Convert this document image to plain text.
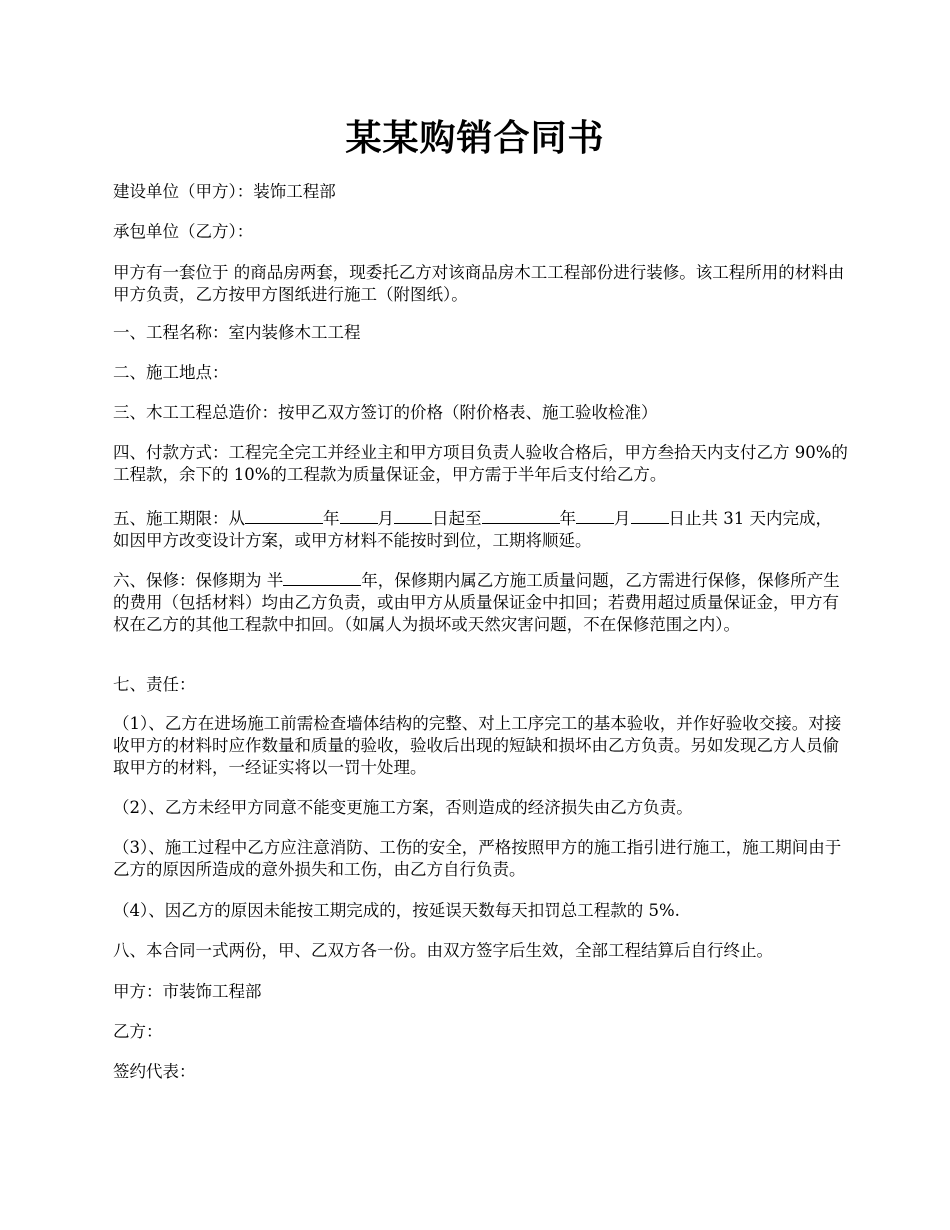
某某购销合同书

建设单位（甲方）：装饰工程部

承包单位（乙方）：

甲方有一套位于 的商品房两套，现委托乙方对该商品房木工工程部份进行装修。该工程所用的材料由甲方负责，乙方按甲方图纸进行施工（附图纸）。

一、工程名称：室内装修木工工程

二、施工地点：

三、木工工程总造价：按甲乙双方签订的价格（附价格表、施工验收检准）

四、付款方式：工程完全完工并经业主和甲方项目负责人验收合格后，甲方叁拾天内支付乙方 90%的工程款，余下的 10%的工程款为质量保证金，甲方需于半年后支付给乙方。

五、施工期限：从	年 月 日起至	年 月 日止共 31 天内完成，如因甲方改变设计方案，或甲方材料不能按时到位，工期将顺延。

六、保修：保修期为 半	年，保修期内属乙方施工质量问题，乙方需进行保修，保修所产生的费用（包括材料）均由乙方负责，或由甲方从质量保证金中扣回；若费用超过质量保证金，甲方有权在乙方的其他工程款中扣回。（如属人为损坏或天然灾害问题，不在保修范围之内）。

七、责任：

（1）、乙方在进场施工前需检查墙体结构的完整、对上工序完工的基本验收，并作好验收交接。对接收甲方的材料时应作数量和质量的验收，验收后出现的短缺和损坏由乙方负责。另如发现乙方人员偷取甲方的材料，一经证实将以一罚十处理。

（2）、乙方未经甲方同意不能变更施工方案，否则造成的经济损失由乙方负责。

（3）、施工过程中乙方应注意消防、工伤的安全，严格按照甲方的施工指引进行施工，施工期间由于乙方的原因所造成的意外损失和工伤，由乙方自行负责。

（4）、因乙方的原因未能按工期完成的，按延误天数每天扣罚总工程款的 5%.

八、本合同一式两份，甲、乙双方各一份。由双方签字后生效，全部工程结算后自行终止。

甲方：市装饰工程部

乙方：

签约代表：
